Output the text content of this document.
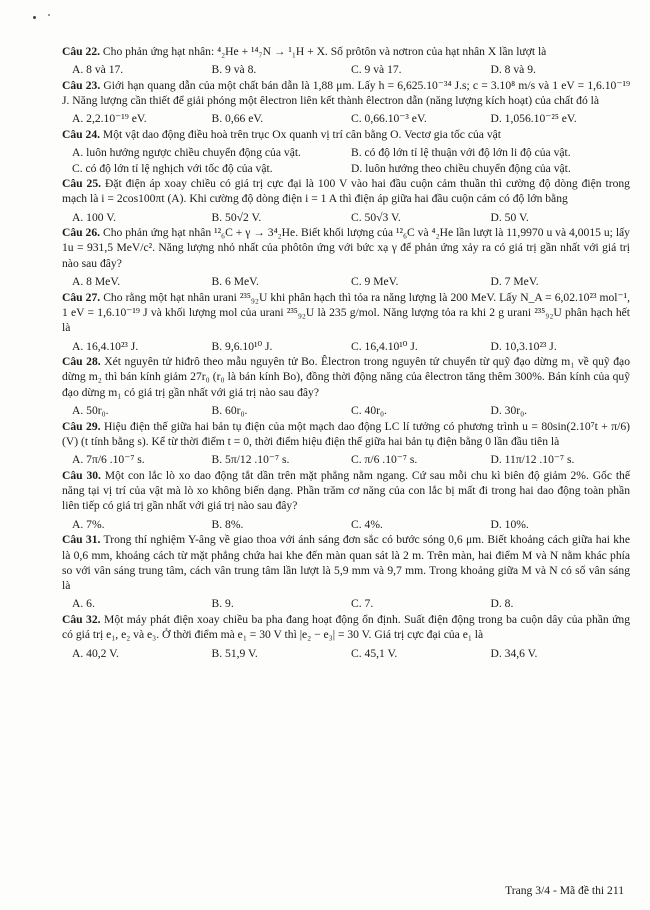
Câu 22. Cho phản ứng hạt nhân: ⁴₂He + ¹⁴₇N → ¹₁H + X. Số prôtôn và nơtron của hạt nhân X lần lượt là
A. 8 và 17.	B. 9 và 8.	C. 9 và 17.	D. 8 và 9.
Câu 23. Giới hạn quang dẫn của một chất bán dẫn là 1,88 μm. Lấy h = 6,625.10⁻³⁴ J.s; c = 3.10⁸ m/s và 1 eV = 1,6.10⁻¹⁹ J. Năng lượng cần thiết để giải phóng một êlectron liên kết thành êlectron dẫn (năng lượng kích hoạt) của chất đó là
A. 2,2.10⁻¹⁹ eV.	B. 0,66 eV.	C. 0,66.10⁻³ eV.	D. 1,056.10⁻²⁵ eV.
Câu 24. Một vật dao động điều hoà trên trục Ox quanh vị trí cân bằng O. Vectơ gia tốc của vật
A. luôn hướng ngược chiều chuyển động của vật.	B. có độ lớn tỉ lệ thuận với độ lớn li độ của vật.
C. có độ lớn tỉ lệ nghịch với tốc độ của vật.	D. luôn hướng theo chiều chuyển động của vật.
Câu 25. Đặt điện áp xoay chiều có giá trị cực đại là 100 V vào hai đầu cuộn cảm thuần thì cường độ dòng điện trong mạch là i = 2cos100πt (A). Khi cường độ dòng điện i = 1 A thì điện áp giữa hai đầu cuộn cảm có độ lớn bằng
A. 100 V.	B. 50√2 V.	C. 50√3 V.	D. 50 V.
Câu 26. Cho phản ứng hạt nhân ¹²₆C + γ → 3⁴₂He. Biết khối lượng của ¹²₆C và ⁴₂He lần lượt là 11,9970 u và 4,0015 u; lấy 1u = 931,5 MeV/c². Năng lượng nhỏ nhất của phôtôn ứng với bức xạ γ để phản ứng xảy ra có giá trị gần nhất với giá trị nào sau đây?
A. 8 MeV.	B. 6 MeV.	C. 9 MeV.	D. 7 MeV.
Câu 27. Cho rằng một hạt nhân urani ²³⁵₉₂U khi phân hạch thì tỏa ra năng lượng là 200 MeV. Lấy N_A = 6,02.10²³ mol⁻¹, 1 eV = 1,6.10⁻¹⁹ J và khối lượng mol của urani ²³⁵₉₂U là 235 g/mol. Năng lượng tỏa ra khi 2 g urani ²³⁵₉₂U phân hạch hết là
A. 16,4.10²³ J.	B. 9,6.10¹⁰ J.	C. 16,4.10¹⁰ J.	D. 10,3.10²³ J.
Câu 28. Xét nguyên tử hiđrô theo mẫu nguyên tử Bo. Êlectron trong nguyên tử chuyển từ quỹ đạo dừng m₁ về quỹ đạo dừng m₂ thì bán kính giảm 27r₀ (r₀ là bán kính Bo), đồng thời động năng của êlectron tăng thêm 300%. Bán kính của quỹ đạo dừng m₁ có giá trị gần nhất với giá trị nào sau đây?
A. 50r₀.	B. 60r₀.	C. 40r₀.	D. 30r₀.
Câu 29. Hiệu điện thế giữa hai bản tụ điện của một mạch dao động LC lí tưởng có phương trình u = 80sin(2.10⁷t + π/6) (V) (t tính bằng s). Kể từ thời điểm t = 0, thời điểm hiệu điện thế giữa hai bản tụ điện bằng 0 lần đầu tiên là
A. 7π/6 .10⁻⁷ s.	B. 5π/12 .10⁻⁷ s.	C. π/6 .10⁻⁷ s.	D. 11π/12 .10⁻⁷ s.
Câu 30. Một con lắc lò xo dao động tắt dần trên mặt phẳng nằm ngang. Cứ sau mỗi chu kì biên độ giảm 2%. Gốc thế năng tại vị trí của vật mà lò xo không biến dạng. Phần trăm cơ năng của con lắc bị mất đi trong hai dao động toàn phần liên tiếp có giá trị gần nhất với giá trị nào sau đây?
A. 7%.	B. 8%.	C. 4%.	D. 10%.
Câu 31. Trong thí nghiệm Y-âng về giao thoa với ánh sáng đơn sắc có bước sóng 0,6 μm. Biết khoảng cách giữa hai khe là 0,6 mm, khoảng cách từ mặt phẳng chứa hai khe đến màn quan sát là 2 m. Trên màn, hai điểm M và N nằm khác phía so với vân sáng trung tâm, cách vân trung tâm lần lượt là 5,9 mm và 9,7 mm. Trong khoảng giữa M và N có số vân sáng là
A. 6.	B. 9.	C. 7.	D. 8.
Câu 32. Một máy phát điện xoay chiều ba pha đang hoạt động ổn định. Suất điện động trong ba cuộn dây của phần ứng có giá trị e₁, e₂ và e₃. Ở thời điểm mà e₁ = 30 V thì |e₂ − e₃| = 30 V. Giá trị cực đại của e₁ là
A. 40,2 V.	B. 51,9 V.	C. 45,1 V.	D. 34,6 V.
Trang 3/4 - Mã đề thi 211
